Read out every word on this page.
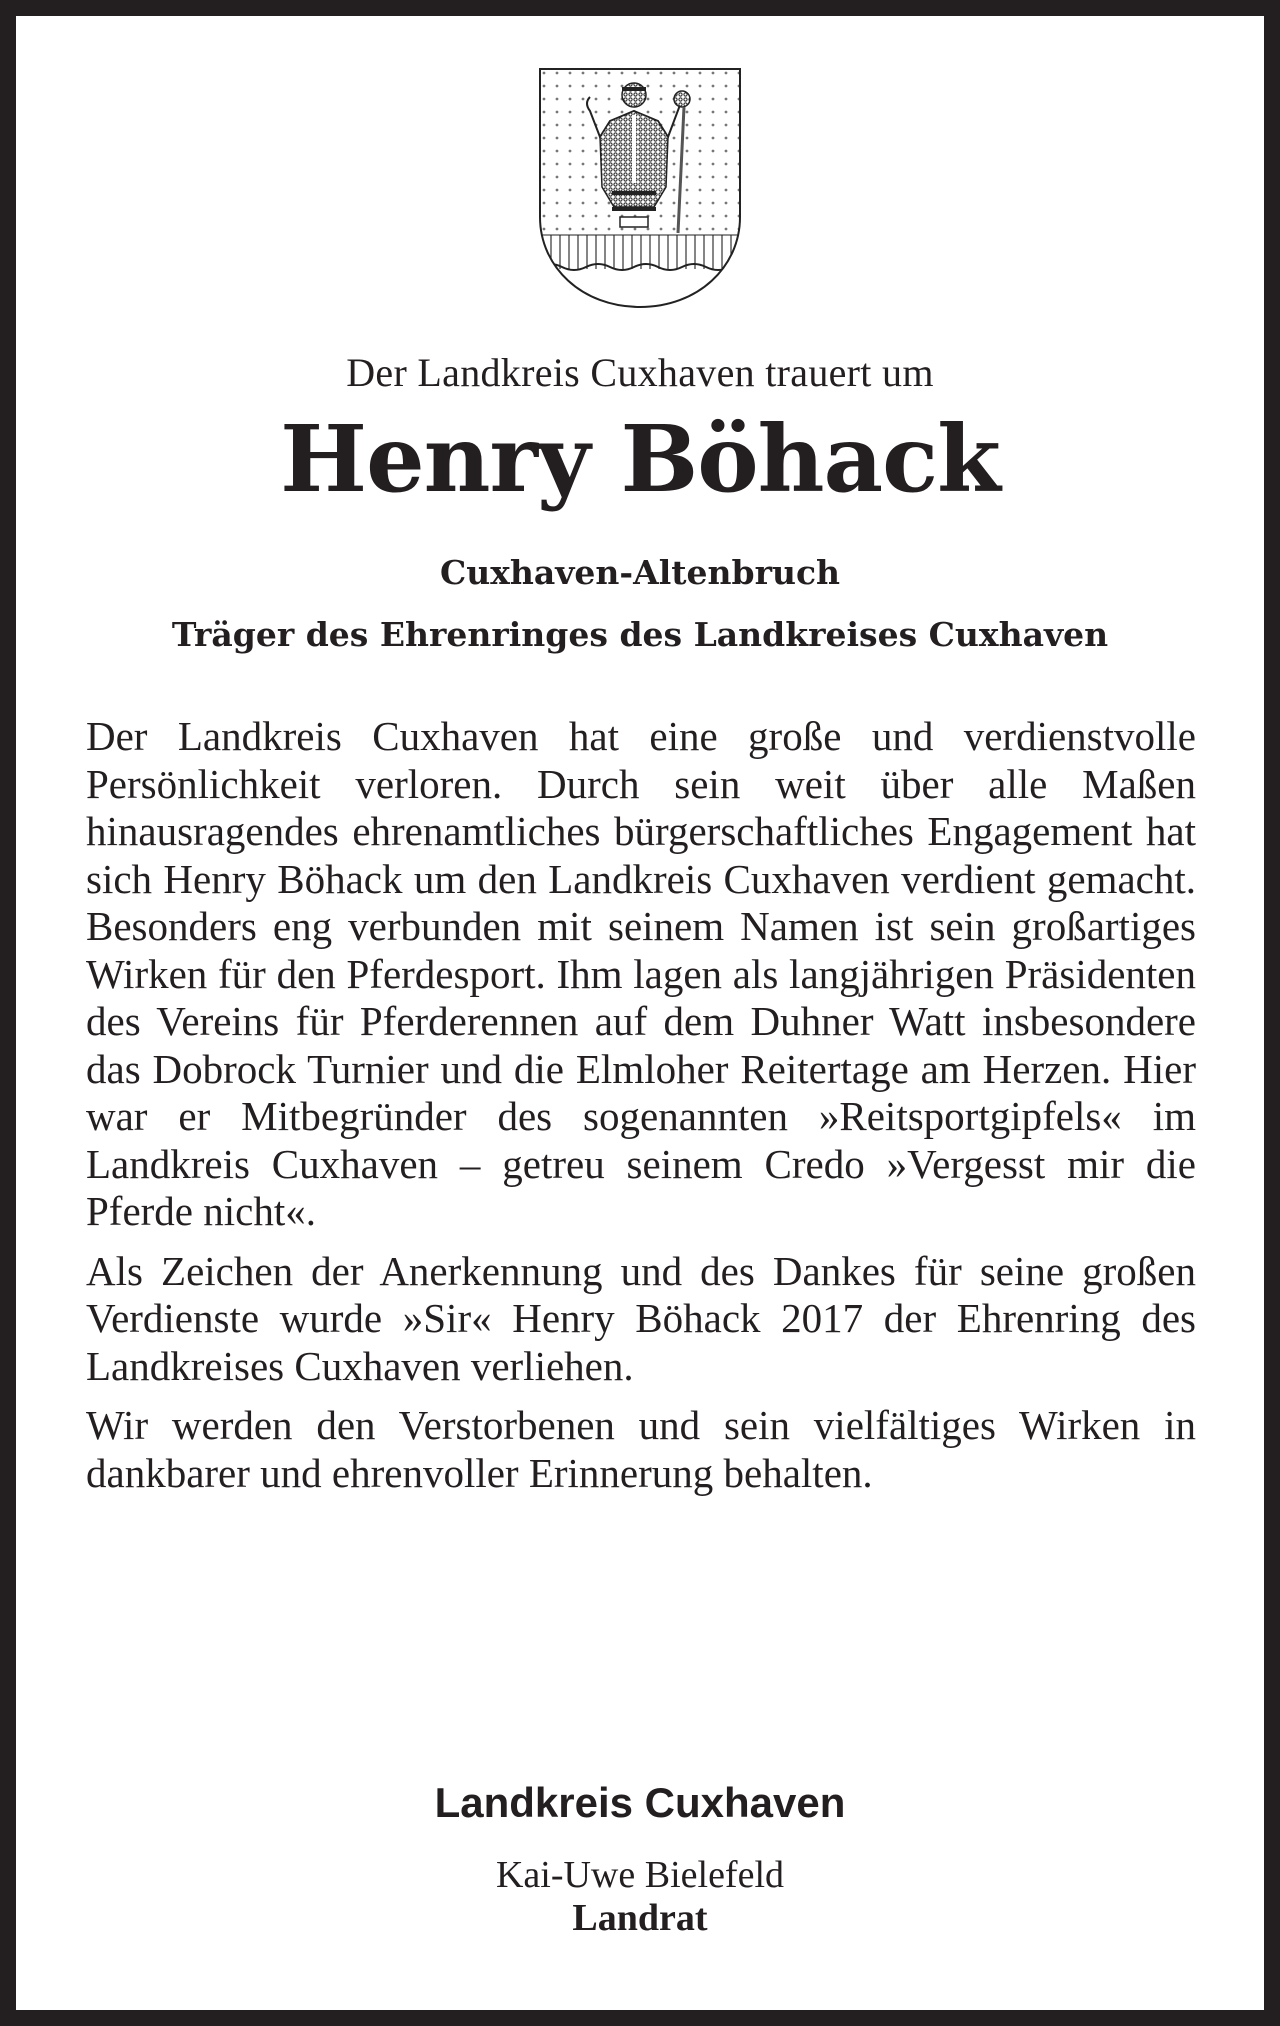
Der Landkreis Cuxhaven trauert um
Henry Böhack
Cuxhaven-Altenbruch
Träger des Ehrenringes des Landkreises Cuxhaven

Der Landkreis Cuxhaven hat eine große und verdienstvolle Persönlichkeit verloren. Durch sein weit über alle Maßen hinausragendes ehrenamtliches bürgerschaftliches Engagement hat sich Henry Böhack um den Landkreis Cuxhaven verdient gemacht. Besonders eng verbunden mit seinem Namen ist sein großartiges Wirken für den Pferdesport. Ihm lagen als langjährigen Präsidenten des Vereins für Pferderennen auf dem Duhner Watt insbesondere das Dobrock Turnier und die Elmloher Reitertage am Herzen. Hier war er Mitbegründer des sogenannten »Reitsportgipfels« im Landkreis Cuxhaven – getreu seinem Credo »Vergesst mir die Pferde nicht«.

Als Zeichen der Anerkennung und des Dankes für seine großen Verdienste wurde »Sir« Henry Böhack 2017 der Ehrenring des Landkreises Cuxhaven verliehen.

Wir werden den Verstorbenen und sein vielfältiges Wirken in dankbarer und ehrenvoller Erinnerung behalten.

Landkreis Cuxhaven
Kai-Uwe Bielefeld
Landrat
